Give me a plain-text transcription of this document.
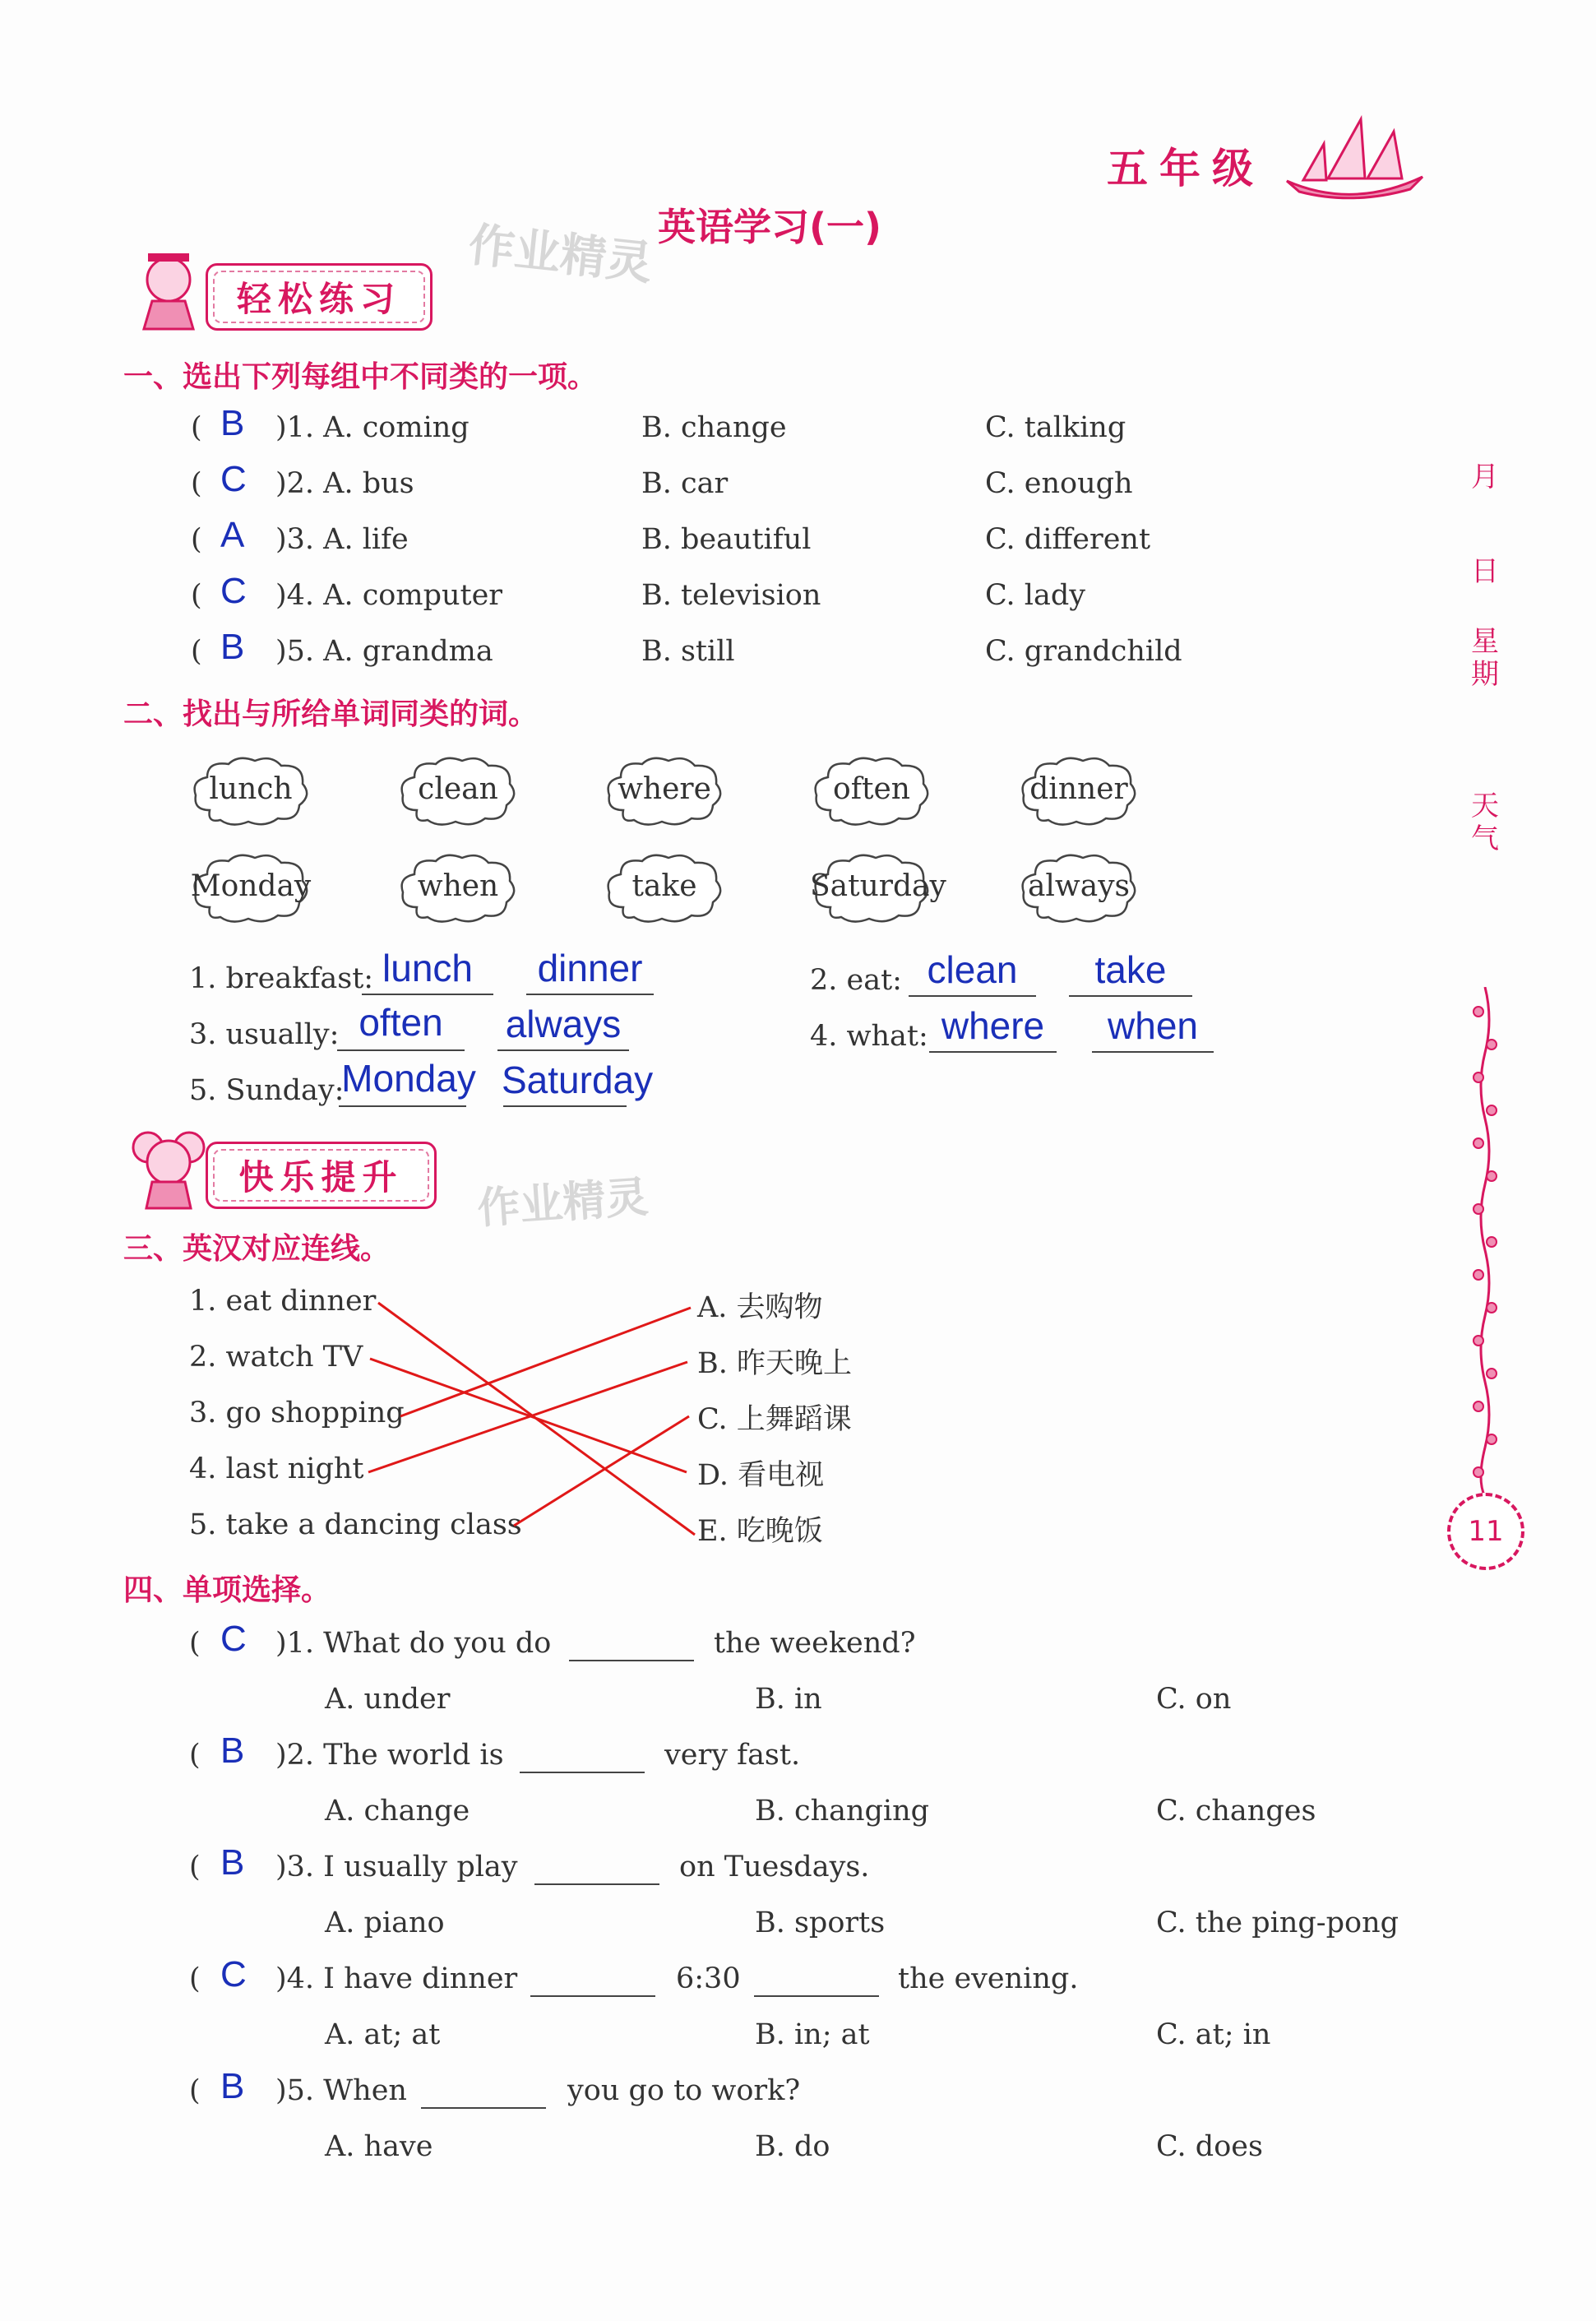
五年级
英语学习(一)
作业精灵
作业精灵
月
日
星期
天气
11
轻松练习
一、选出下列每组中不同类的一项。
( B )1. A. coming	B. change	C. talking
( C )2. A. bus	B. car	C. enough
( A )3. A. life	B. beautiful	C. different
( C )4. A. computer	B. television	C. lady
( B )5. A. grandma	B. still	C. grandchild
二、找出与所给单词同类的词。
lunch	clean	where	often	dinner
Monday	when	take	Saturday	always
1. breakfast: lunch	dinner	2. eat: clean	take
3. usually: often	always	4. what: where	when
5. Sunday:
Monday Saturday
快乐提升
三、英汉对应连线。
1. eat dinner
2. watch TV
3. go shopping
4. last night
5. take a dancing class
A. 去购物
B. 昨天晚上
C. 上舞蹈课
D. 看电视
E. 吃晚饭
四、单项选择。
( C )1. What do you do	the weekend?
A. under	B. in	C. on
( B )2. The world is	very fast.
A. change	B. changing	C. changes
( B )3. I usually play	on Tuesdays.
A. piano	B. sports	C. the ping-pong
( C )4. I have dinner	6:30	the evening.
A. at; at	B. in; at	C. at; in
( B )5. When	you go to work?
A. have	B. do	C. does
